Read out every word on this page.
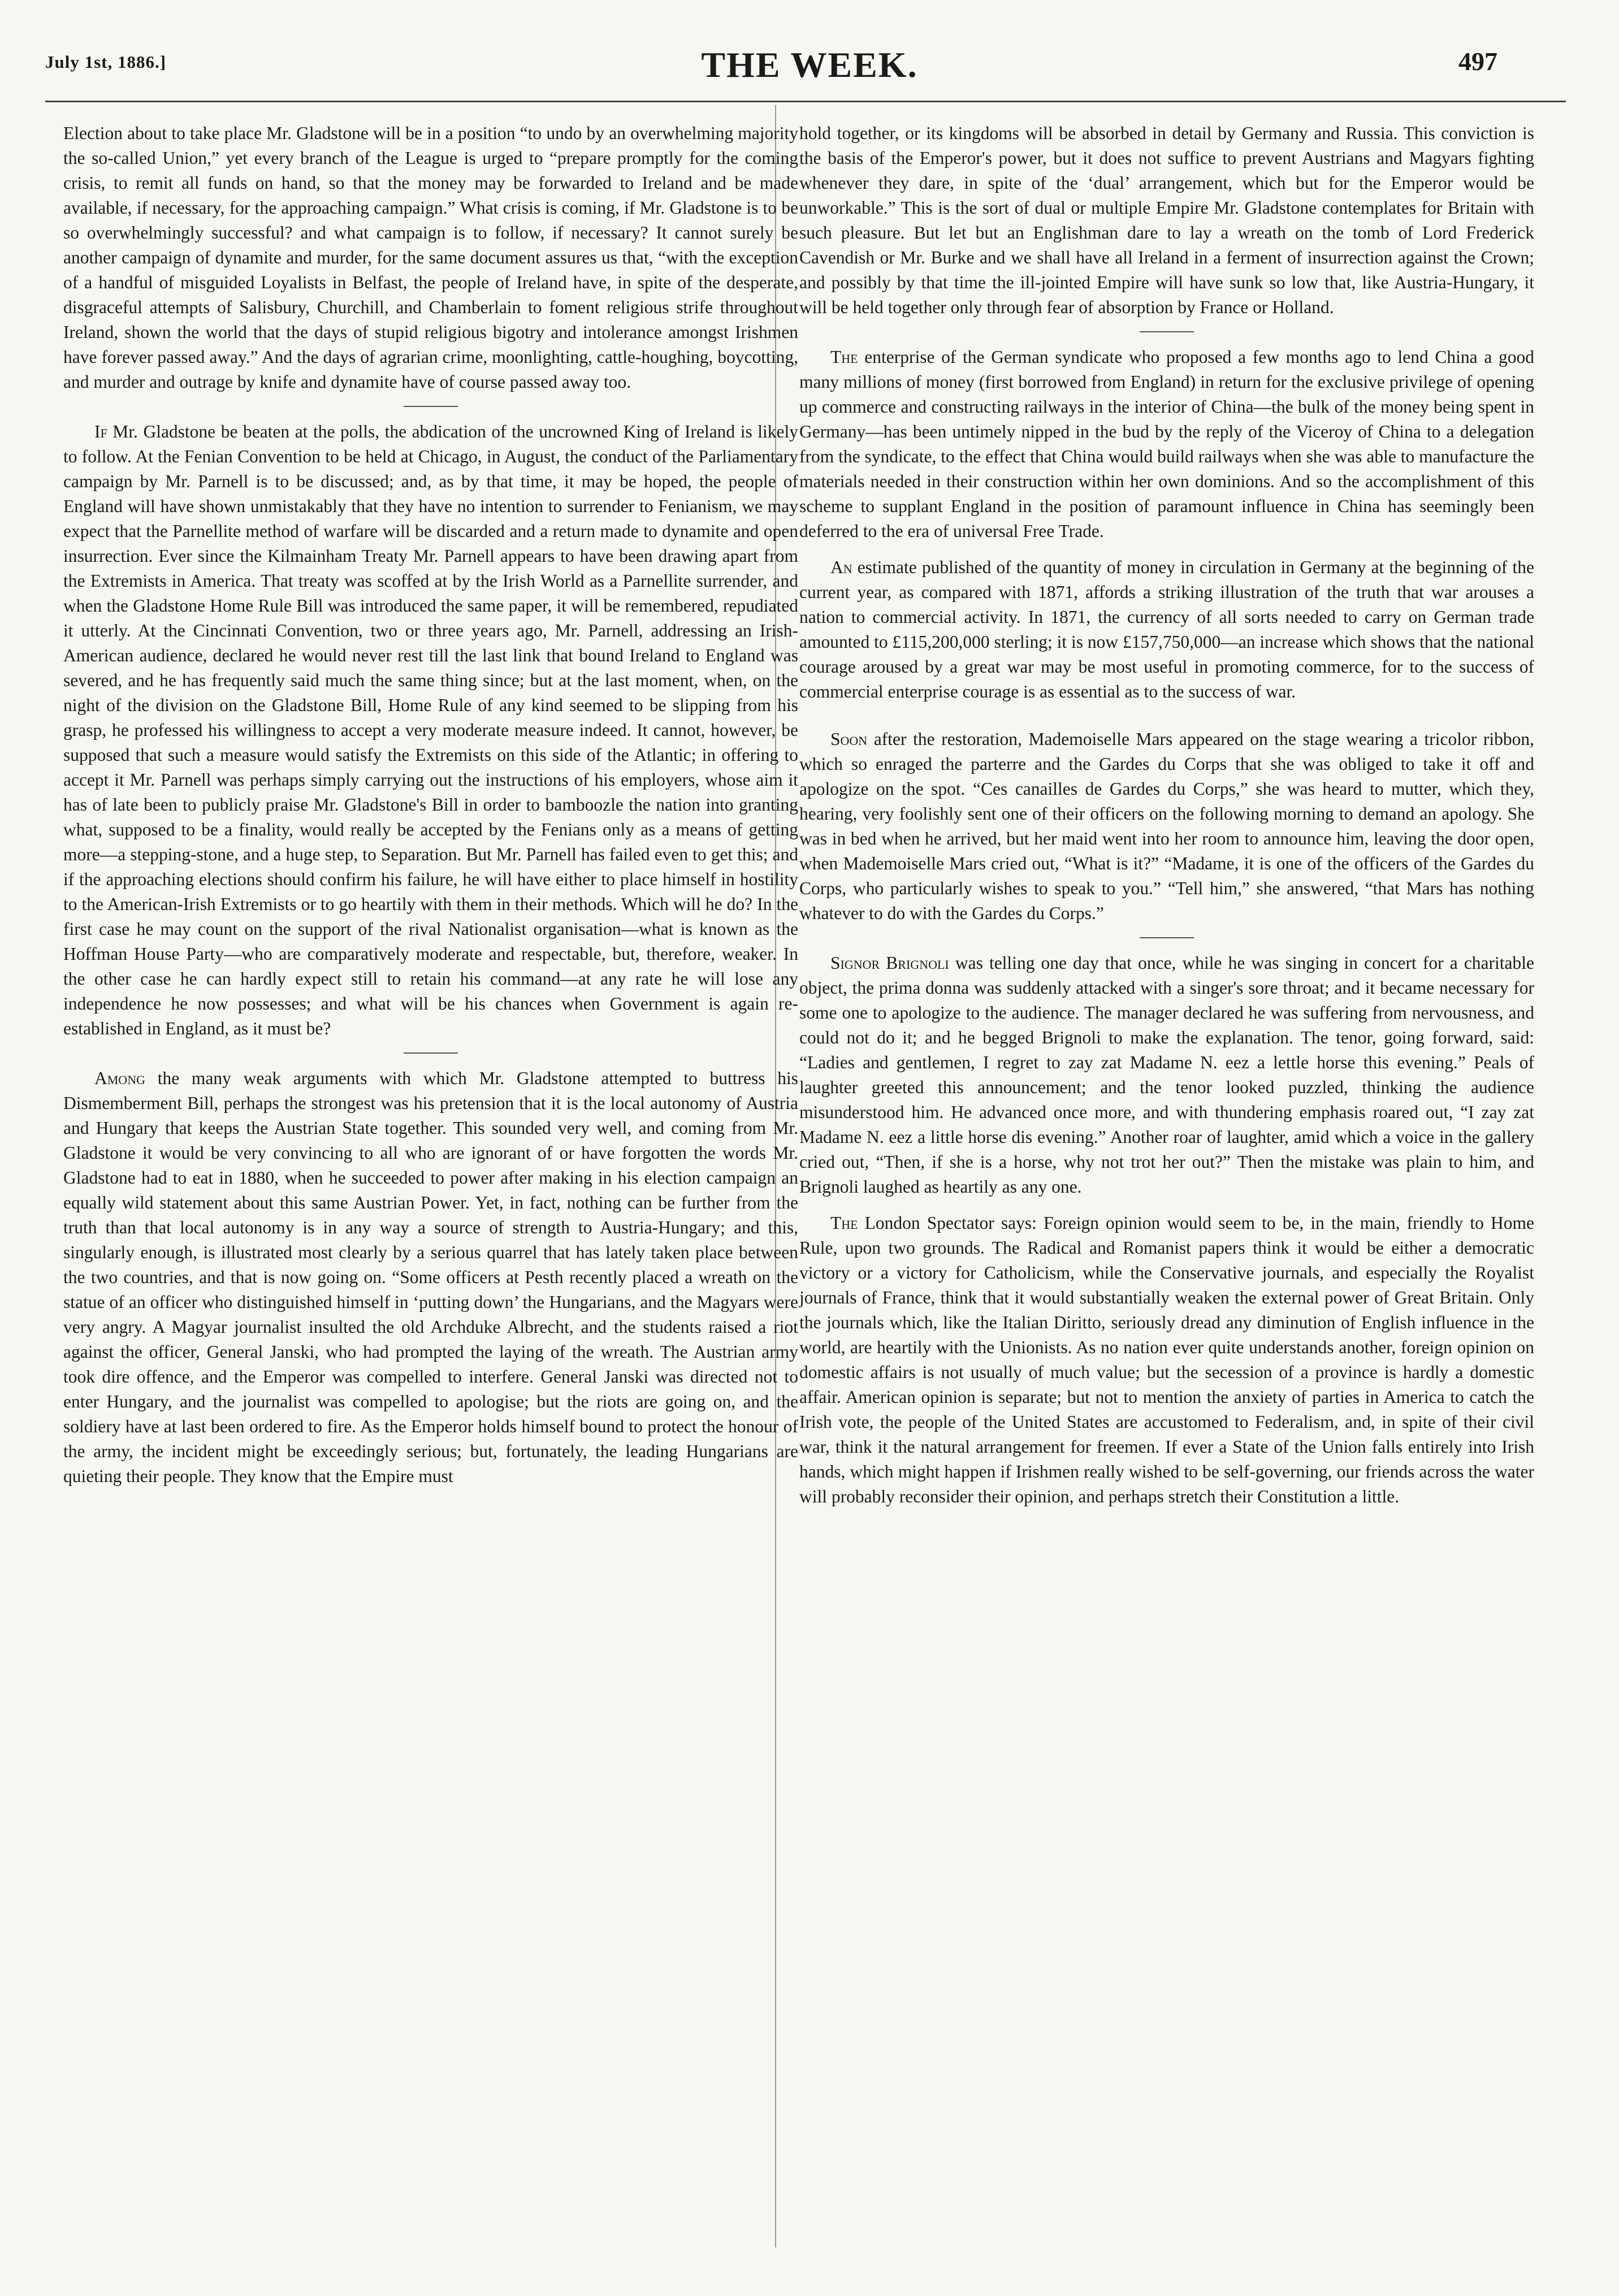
July 1st, 1886.]	THE WEEK.	497

Election about to take place Mr. Gladstone will be in a position “to undo by an overwhelming majority the so-called Union,” yet every branch of the League is urged to “prepare promptly for the coming crisis, to remit all funds on hand, so that the money may be forwarded to Ireland and be made available, if necessary, for the approaching campaign.” What crisis is coming, if Mr. Gladstone is to be so overwhelmingly successful? and what campaign is to follow, if necessary? It cannot surely be another campaign of dynamite and murder, for the same document assures us that, “with the exception of a handful of misguided Loyalists in Belfast, the people of Ireland have, in spite of the desperate, disgraceful attempts of Salisbury, Churchill, and Chamberlain to foment religious strife throughout Ireland, shown the world that the days of stupid religious bigotry and intolerance amongst Irishmen have forever passed away.” And the days of agrarian crime, moonlighting, cattle-houghing, boycotting, and murder and outrage by knife and dynamite have of course passed away too.

If Mr. Gladstone be beaten at the polls, the abdication of the uncrowned King of Ireland is likely to follow. At the Fenian Convention to be held at Chicago, in August, the conduct of the Parliamentary campaign by Mr. Parnell is to be discussed; and, as by that time, it may be hoped, the people of England will have shown unmistakably that they have no intention to surrender to Fenianism, we may expect that the Parnellite method of warfare will be discarded and a return made to dynamite and open insurrection. Ever since the Kilmainham Treaty Mr. Parnell appears to have been drawing apart from the Extremists in America. That treaty was scoffed at by the Irish World as a Parnellite surrender, and when the Gladstone Home Rule Bill was introduced the same paper, it will be remembered, repudiated it utterly. At the Cincinnati Convention, two or three years ago, Mr. Parnell, addressing an Irish-American audience, declared he would never rest till the last link that bound Ireland to England was severed, and he has frequently said much the same thing since; but at the last moment, when, on the night of the division on the Gladstone Bill, Home Rule of any kind seemed to be slipping from his grasp, he professed his willingness to accept a very moderate measure indeed. It cannot, however, be supposed that such a measure would satisfy the Extremists on this side of the Atlantic; in offering to accept it Mr. Parnell was perhaps simply carrying out the instructions of his employers, whose aim it has of late been to publicly praise Mr. Gladstone's Bill in order to bamboozle the nation into granting what, supposed to be a finality, would really be accepted by the Fenians only as a means of getting more—a stepping-stone, and a huge step, to Separation. But Mr. Parnell has failed even to get this; and if the approaching elections should confirm his failure, he will have either to place himself in hostility to the American-Irish Extremists or to go heartily with them in their methods. Which will he do? In the first case he may count on the support of the rival Nationalist organisation—what is known as the Hoffman House Party—who are comparatively moderate and respectable, but, therefore, weaker. In the other case he can hardly expect still to retain his command—at any rate he will lose any independence he now possesses; and what will be his chances when Government is again re-established in England, as it must be?

Among the many weak arguments with which Mr. Gladstone attempted to buttress his Dismemberment Bill, perhaps the strongest was his pretension that it is the local autonomy of Austria and Hungary that keeps the Austrian State together. This sounded very well, and coming from Mr. Gladstone it would be very convincing to all who are ignorant of or have forgotten the words Mr. Gladstone had to eat in 1880, when he succeeded to power after making in his election campaign an equally wild statement about this same Austrian Power. Yet, in fact, nothing can be further from the truth than that local autonomy is in any way a source of strength to Austria-Hungary; and this, singularly enough, is illustrated most clearly by a serious quarrel that has lately taken place between the two countries, and that is now going on. “Some officers at Pesth recently placed a wreath on the statue of an officer who distinguished himself in ‘putting down’ the Hungarians, and the Magyars were very angry. A Magyar journalist insulted the old Archduke Albrecht, and the students raised a riot against the officer, General Janski, who had prompted the laying of the wreath. The Austrian army took dire offence, and the Emperor was compelled to interfere. General Janski was directed not to enter Hungary, and the journalist was compelled to apologise; but the riots are going on, and the soldiery have at last been ordered to fire. As the Emperor holds himself bound to protect the honour of the army, the incident might be exceedingly serious; but, fortunately, the leading Hungarians are quieting their people. They know that the Empire must

hold together, or its kingdoms will be absorbed in detail by Germany and Russia. This conviction is the basis of the Emperor's power, but it does not suffice to prevent Austrians and Magyars fighting whenever they dare, in spite of the ‘dual’ arrangement, which but for the Emperor would be unworkable.” This is the sort of dual or multiple Empire Mr. Gladstone contemplates for Britain with such pleasure. But let but an Englishman dare to lay a wreath on the tomb of Lord Frederick Cavendish or Mr. Burke and we shall have all Ireland in a ferment of insurrection against the Crown; and possibly by that time the ill-jointed Empire will have sunk so low that, like Austria-Hungary, it will be held together only through fear of absorption by France or Holland.

The enterprise of the German syndicate who proposed a few months ago to lend China a good many millions of money (first borrowed from England) in return for the exclusive privilege of opening up commerce and constructing railways in the interior of China—the bulk of the money being spent in Germany—has been untimely nipped in the bud by the reply of the Viceroy of China to a delegation from the syndicate, to the effect that China would build railways when she was able to manufacture the materials needed in their construction within her own dominions. And so the accomplishment of this scheme to supplant England in the position of paramount influence in China has seemingly been deferred to the era of universal Free Trade.

An estimate published of the quantity of money in circulation in Germany at the beginning of the current year, as compared with 1871, affords a striking illustration of the truth that war arouses a nation to commercial activity. In 1871, the currency of all sorts needed to carry on German trade amounted to £115,200,000 sterling; it is now £157,750,000—an increase which shows that the national courage aroused by a great war may be most useful in promoting commerce, for to the success of commercial enterprise courage is as essential as to the success of war.

Soon after the restoration, Mademoiselle Mars appeared on the stage wearing a tricolor ribbon, which so enraged the parterre and the Gardes du Corps that she was obliged to take it off and apologize on the spot. “Ces canailles de Gardes du Corps,” she was heard to mutter, which they, hearing, very foolishly sent one of their officers on the following morning to demand an apology. She was in bed when he arrived, but her maid went into her room to announce him, leaving the door open, when Mademoiselle Mars cried out, “What is it?” “Madame, it is one of the officers of the Gardes du Corps, who particularly wishes to speak to you.” “Tell him,” she answered, “that Mars has nothing whatever to do with the Gardes du Corps.”

Signor Brignoli was telling one day that once, while he was singing in concert for a charitable object, the prima donna was suddenly attacked with a singer's sore throat; and it became necessary for some one to apologize to the audience. The manager declared he was suffering from nervousness, and could not do it; and he begged Brignoli to make the explanation. The tenor, going forward, said: “Ladies and gentlemen, I regret to zay zat Madame N. eez a lettle horse this evening.” Peals of laughter greeted this announcement; and the tenor looked puzzled, thinking the audience misunderstood him. He advanced once more, and with thundering emphasis roared out, “I zay zat Madame N. eez a little horse dis evening.” Another roar of laughter, amid which a voice in the gallery cried out, “Then, if she is a horse, why not trot her out?” Then the mistake was plain to him, and Brignoli laughed as heartily as any one.

The London Spectator says: Foreign opinion would seem to be, in the main, friendly to Home Rule, upon two grounds. The Radical and Romanist papers think it would be either a democratic victory or a victory for Catholicism, while the Conservative journals, and especially the Royalist journals of France, think that it would substantially weaken the external power of Great Britain. Only the journals which, like the Italian Diritto, seriously dread any diminution of English influence in the world, are heartily with the Unionists. As no nation ever quite understands another, foreign opinion on domestic affairs is not usually of much value; but the secession of a province is hardly a domestic affair. American opinion is separate; but not to mention the anxiety of parties in America to catch the Irish vote, the people of the United States are accustomed to Federalism, and, in spite of their civil war, think it the natural arrangement for freemen. If ever a State of the Union falls entirely into Irish hands, which might happen if Irishmen really wished to be self-governing, our friends across the water will probably reconsider their opinion, and perhaps stretch their Constitution a little.
